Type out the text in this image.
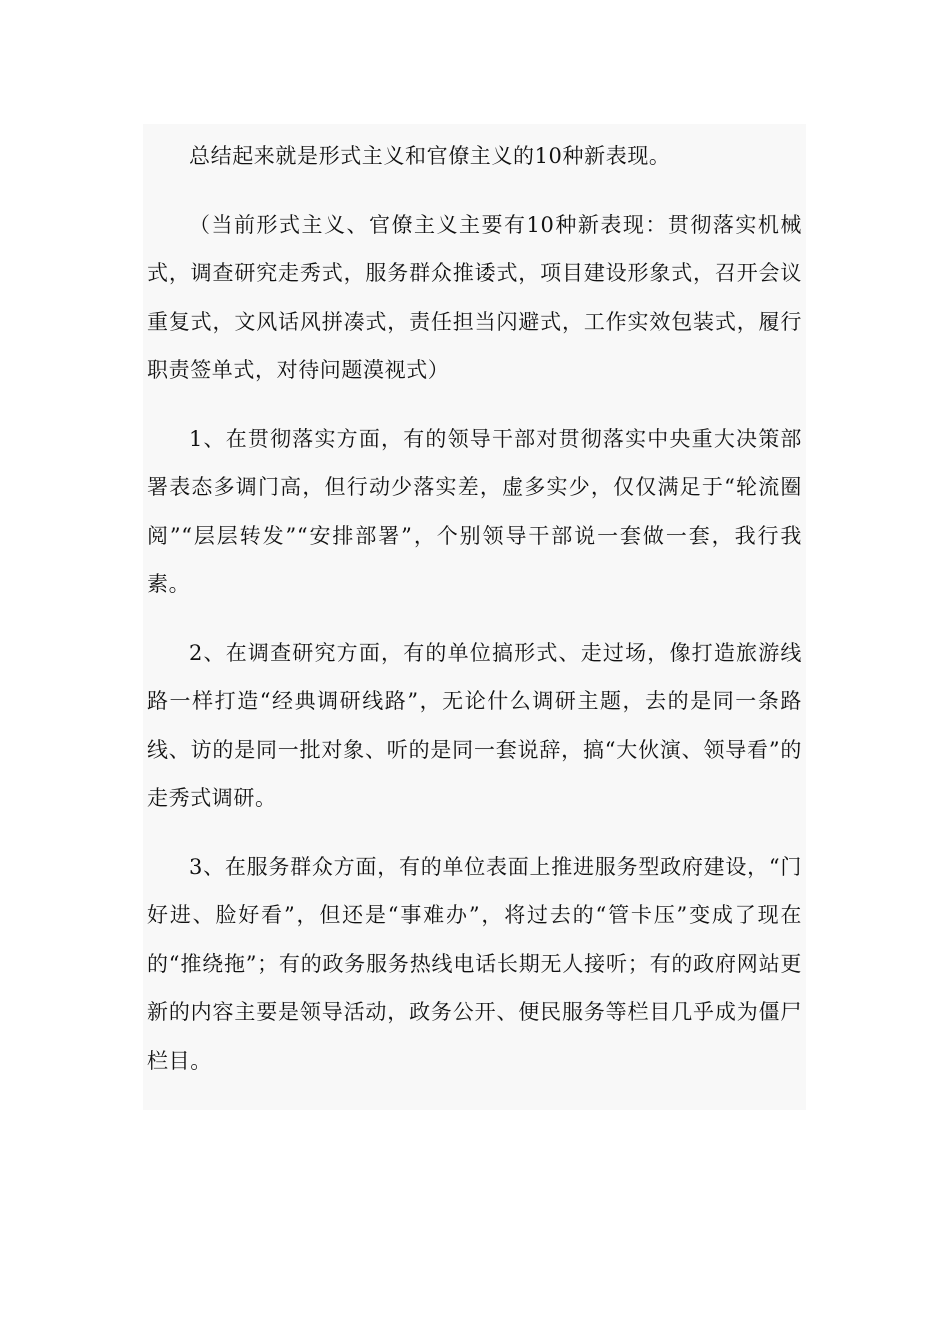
总结起来就是形式主义和官僚主义的10种新表现。

（当前形式主义、官僚主义主要有10种新表现：贯彻落实机械式，调查研究走秀式，服务群众推诿式，项目建设形象式，召开会议重复式，文风话风拼凑式，责任担当闪避式，工作实效包装式，履行职责签单式，对待问题漠视式）

1、在贯彻落实方面，有的领导干部对贯彻落实中央重大决策部署表态多调门高，但行动少落实差，虚多实少，仅仅满足于“轮流圈阅”“层层转发”“安排部署”，个别领导干部说一套做一套，我行我素。

2、在调查研究方面，有的单位搞形式、走过场，像打造旅游线路一样打造“经典调研线路”，无论什么调研主题，去的是同一条路线、访的是同一批对象、听的是同一套说辞，搞“大伙演、领导看”的走秀式调研。

3、在服务群众方面，有的单位表面上推进服务型政府建设，“门好进、脸好看”，但还是“事难办”，将过去的“管卡压”变成了现在的“推绕拖”；有的政务服务热线电话长期无人接听；有的政府网站更新的内容主要是领导活动，政务公开、便民服务等栏目几乎成为僵尸栏目。
